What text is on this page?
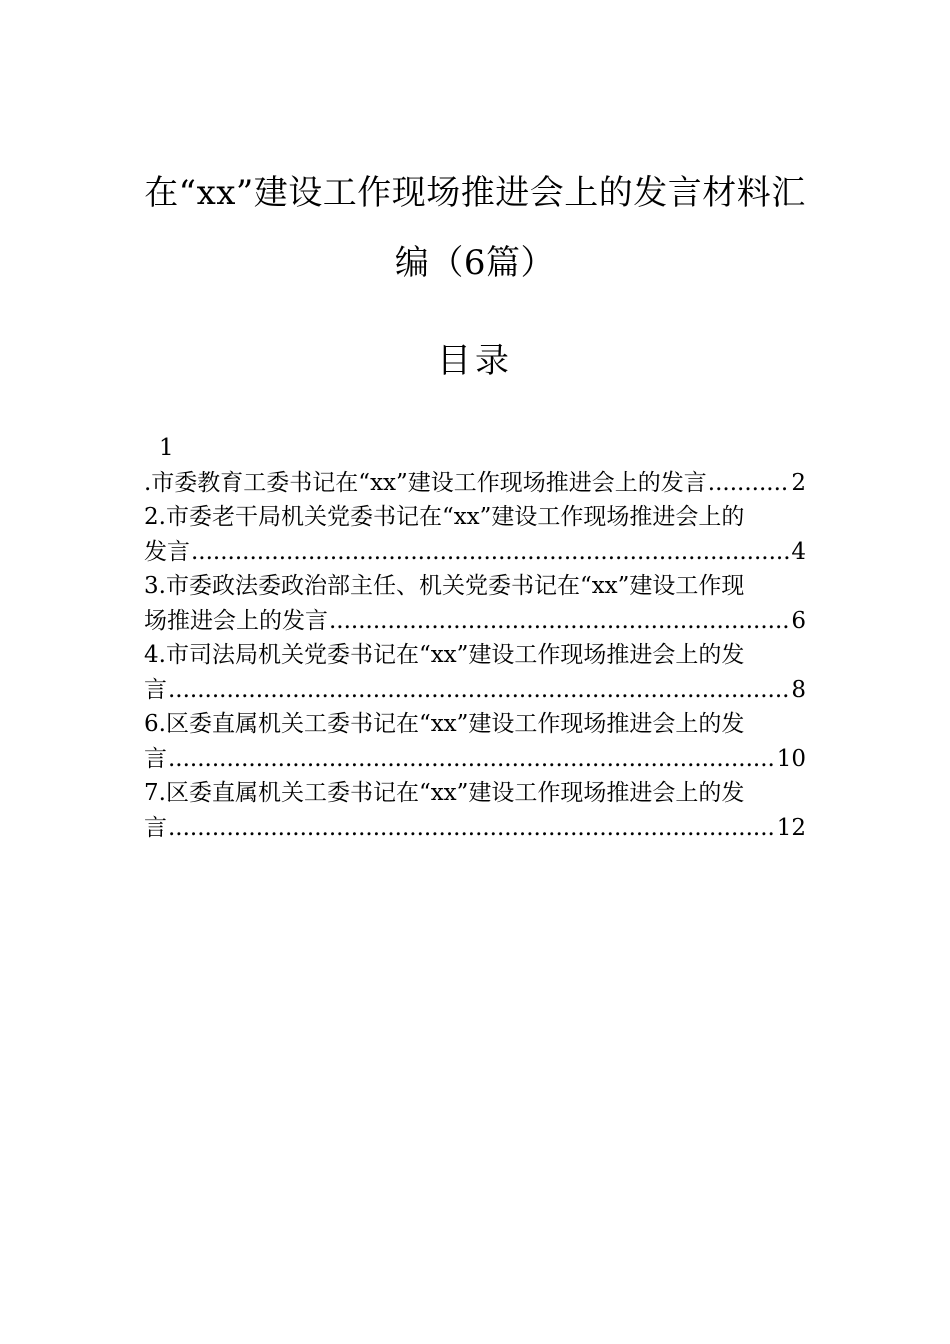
在“xx”建设工作现场推进会上的发言材料汇
编（6篇）
目录
1
.市委教育工委书记在“xx”建设工作现场推进会上的发言 .....	2
2.市委老干局机关党委书记在“xx”建设工作现场推进会上的
发言 .....	4
3.市委政法委政治部主任、机关党委书记在“xx”建设工作现
场推进会上的发言 .....	6
4.市司法局机关党委书记在“xx”建设工作现场推进会上的发
言 .....	8
6.区委直属机关工委书记在“xx”建设工作现场推进会上的发
言 .....	10
7.区委直属机关工委书记在“xx”建设工作现场推进会上的发
言 .....	12
